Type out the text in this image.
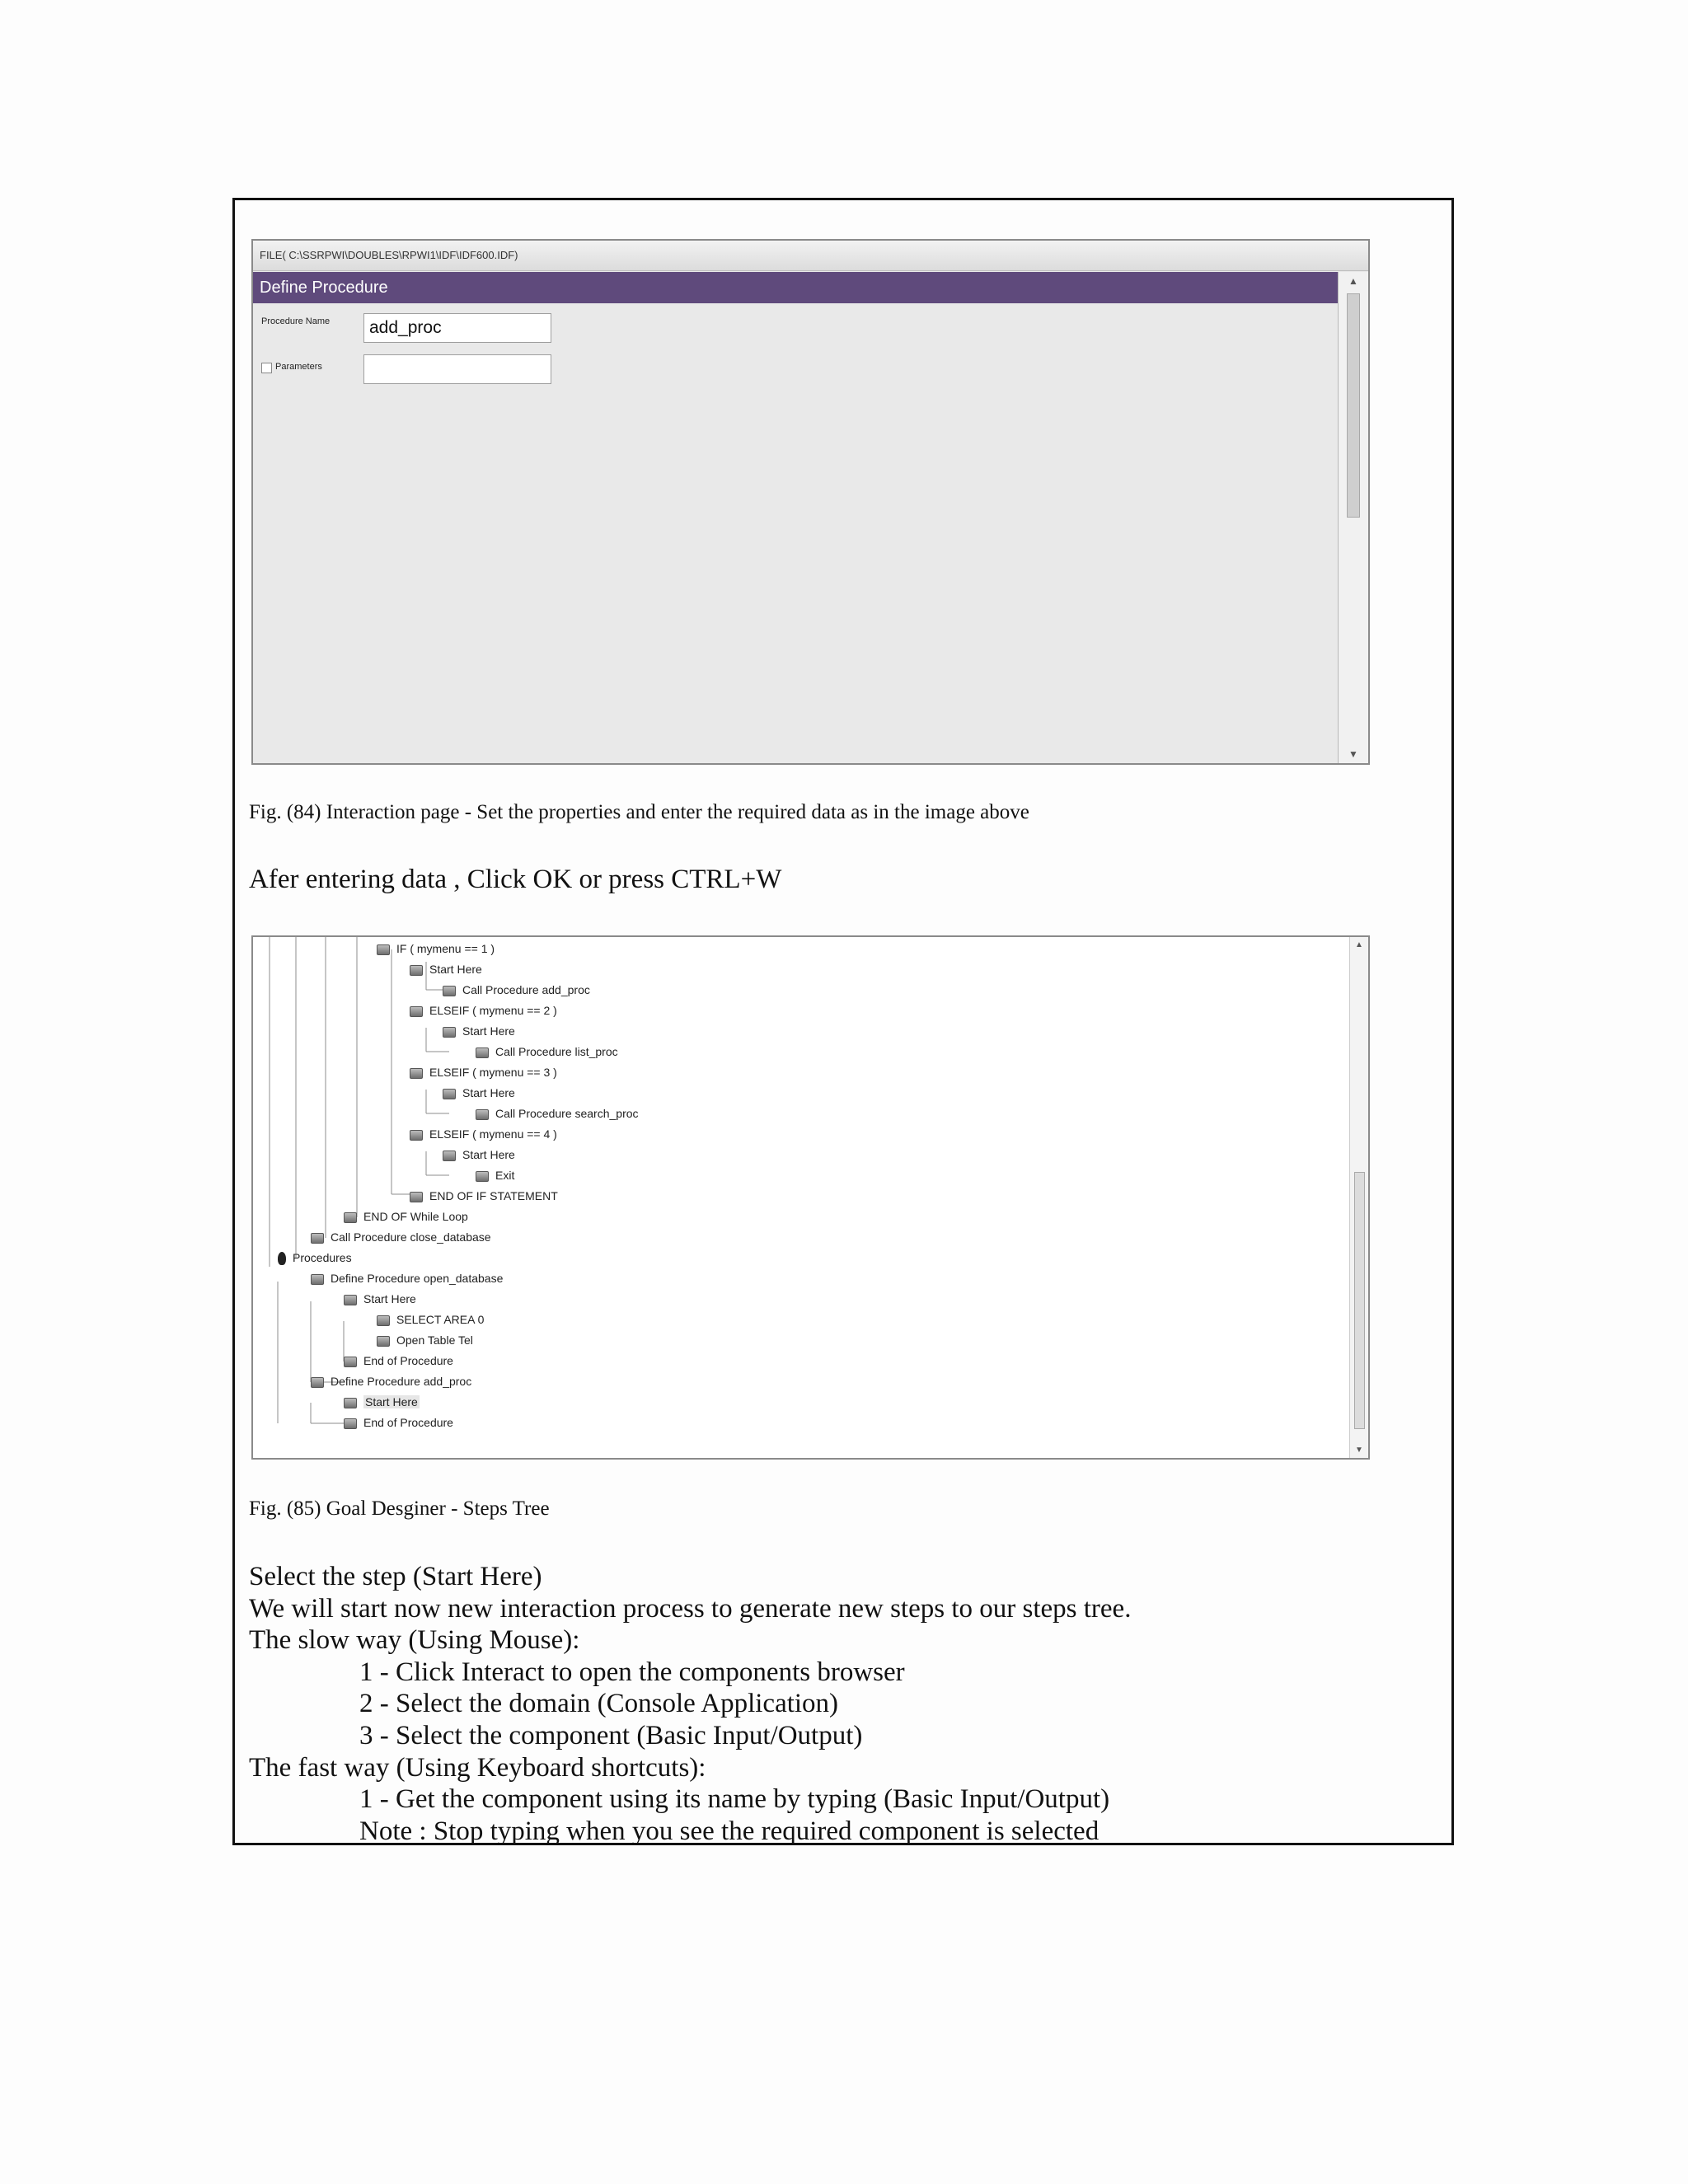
FILE( C:\SSRPWI\DOUBLES\RPWI1\IDF\IDF600.IDF)
Define Procedure
Procedure Name	add_proc
Parameters
▲
▼
Fig. (84) Interaction page - Set the properties and enter the required data as in the image above
Afer entering data , Click OK or press CTRL+W
IF ( mymenu == 1 )
Start Here
Call Procedure add_proc
ELSEIF ( mymenu == 2 )
Start Here
Call Procedure list_proc
ELSEIF ( mymenu == 3 )
Start Here
Call Procedure search_proc
ELSEIF ( mymenu == 4 )
Start Here
Exit
END OF IF STATEMENT
END OF While Loop
Call Procedure close_database
Procedures
Define Procedure open_database
Start Here
SELECT AREA 0
Open Table Tel
End of Procedure
Define Procedure add_proc
Start Here
End of Procedure
▲
▼
Fig. (85) Goal Desginer - Steps Tree
Select the step (Start Here)
We will start now new interaction process to generate new steps to our steps tree.
The slow way (Using Mouse):
1 - Click Interact to open the components browser
2 - Select the domain (Console Application)
3 - Select the component (Basic Input/Output)
The fast way (Using Keyboard shortcuts):
1 - Get the component using its name by typing (Basic Input/Output)
Note : Stop typing when you see the required component is selected
